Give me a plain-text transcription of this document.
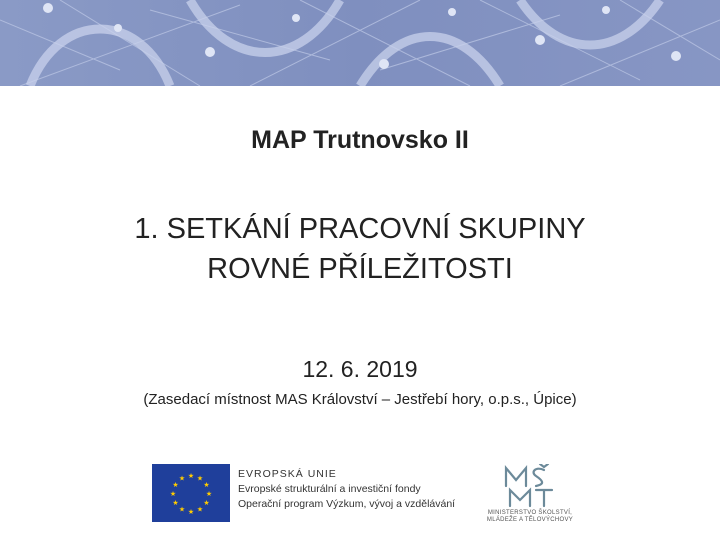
MAP Trutnovsko II
1. SETKÁNÍ PRACOVNÍ SKUPINY
ROVNÉ PŘÍLEŽITOSTI
12. 6. 2019
(Zasedací místnost MAS Království – Jestřebí hory, o.p.s., Úpice)
★ ★
★
★
★
★
★
★
★
★
★
★	EVROPSKÁ UNIE
Evropské strukturální a investiční fondy
Operační program Výzkum, vývoj a vzdělávání
MINISTERSTVO ŠKOLSTVÍ,
MLÁDEŽE A TĚLOVÝCHOVY
